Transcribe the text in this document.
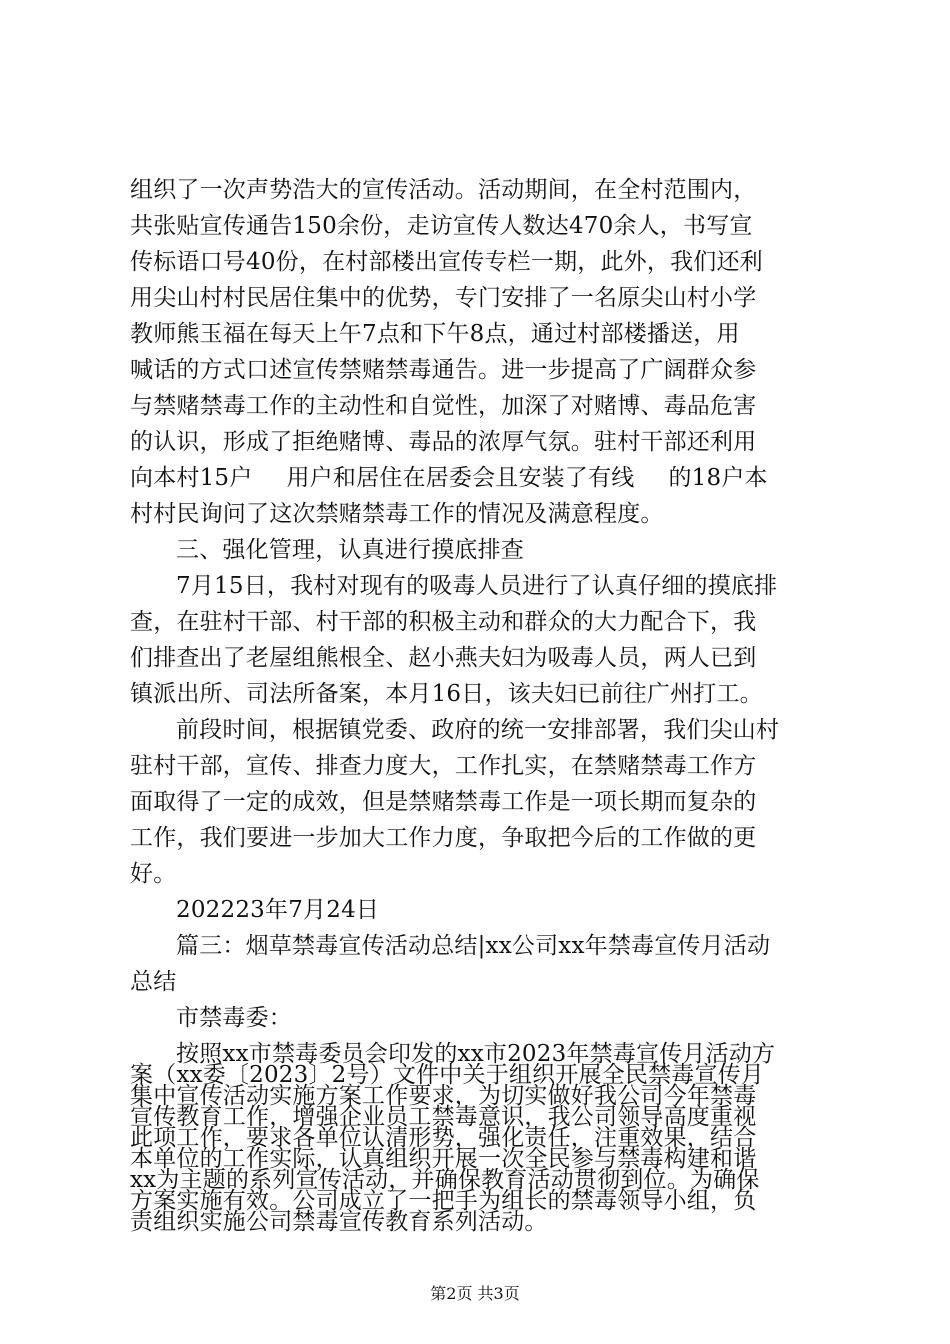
组织了一次声势浩大的宣传活动。活动期间，在全村范围内，
共张贴宣传通告150余份，走访宣传人数达470余人，书写宣
传标语口号40份，在村部楼出宣传专栏一期，此外，我们还利
用尖山村村民居住集中的优势，专门安排了一名原尖山村小学
教师熊玉福在每天上午7点和下午8点，通过村部楼播送，用
喊话的方式口述宣传禁赌禁毒通告。进一步提高了广阔群众参
与禁赌禁毒工作的主动性和自觉性，加深了对赌博、毒品危害
的认识，形成了拒绝赌博、毒品的浓厚气氛。驻村干部还利用
向本村15户 用户和居住在居委会且安装了有线 的18户本
村村民询问了这次禁赌禁毒工作的情况及满意程度。
三、强化管理，认真进行摸底排查
7月15日，我村对现有的吸毒人员进行了认真仔细的摸底排
查，在驻村干部、村干部的积极主动和群众的大力配合下，我
们排查出了老屋组熊根全、赵小燕夫妇为吸毒人员，两人已到
镇派出所、司法所备案，本月16日，该夫妇已前往广州打工。
前段时间，根据镇党委、政府的统一安排部署，我们尖山村
驻村干部，宣传、排查力度大，工作扎实，在禁赌禁毒工作方
面取得了一定的成效，但是禁赌禁毒工作是一项长期而复杂的
工作，我们要进一步加大工作力度，争取把今后的工作做的更
好。
202223年7月24日
篇三：烟草禁毒宣传活动总结|xx公司xx年禁毒宣传月活动
总结
市禁毒委：
第2页 共3页
按照xx市禁毒委员会印发的xx市2023年禁毒宣传月活动方
案（xx委〔2023〕2号）文件中关于组织开展全民禁毒宣传月
集中宣传活动实施方案工作要求，为切实做好我公司今年禁毒
宣传教育工作，增强企业员工禁毒意识，我公司领导高度重视
此项工作，要求各单位认清形势，强化责任，注重效果，结合
本单位的工作实际，认真组织开展一次全民参与禁毒构建和谐
xx为主题的系列宣传活动，并确保教育活动贯彻到位。为确保
方案实施有效。公司成立了一把手为组长的禁毒领导小组，负
责组织实施公司禁毒宣传教育系列活动。
